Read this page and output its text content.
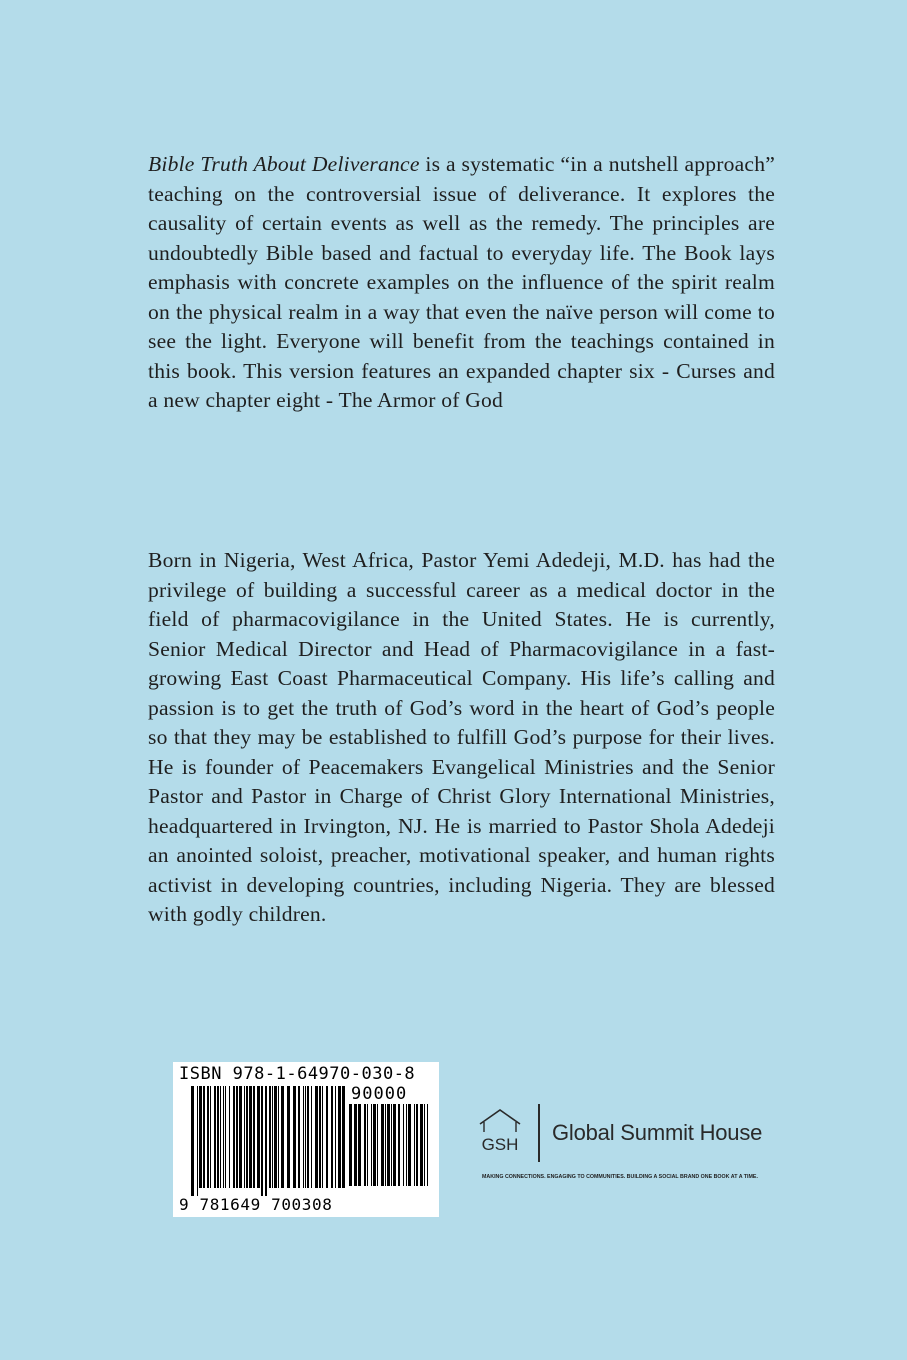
Bible Truth About Deliverance is a systematic “in a nutshell approach” teaching on the controversial issue of deliverance. It explores the causality of certain events as well as the remedy. The principles are undoubtedly Bible based and factual to everyday life. The Book lays emphasis with concrete examples on the influence of the spirit realm on the physical realm in a way that even the naïve person will come to see the light. Everyone will benefit from the teachings contained in this book. This version features an expanded chapter six - Curses and a new chapter eight - The Armor of God

Born in Nigeria, West Africa, Pastor Yemi Adedeji, M.D. has had the privilege of building a successful career as a medical doctor in the field of pharmacovigilance in the United States. He is currently, Senior Medical Director and Head of Pharmacovigilance in a fast-growing East Coast Pharmaceutical Company. His life’s calling and passion is to get the truth of God’s word in the heart of God’s people so that they may be established to fulfill God’s purpose for their lives. He is founder of Peacemakers Evangelical Ministries and the Senior Pastor and Pastor in Charge of Christ Glory International Ministries, headquartered in Irvington, NJ. He is married to Pastor Shola Adedeji an anointed soloist, preacher, motivational speaker, and human rights activist in developing countries, including Nigeria. They are blessed with godly children.

ISBN 978-1-64970-030-8
90000
9 781649 700308
GSH Global Summit House
MAKING CONNECTIONS. ENGAGING TO COMMUNITIES. BUILDING A SOCIAL BRAND ONE BOOK AT A TIME.
